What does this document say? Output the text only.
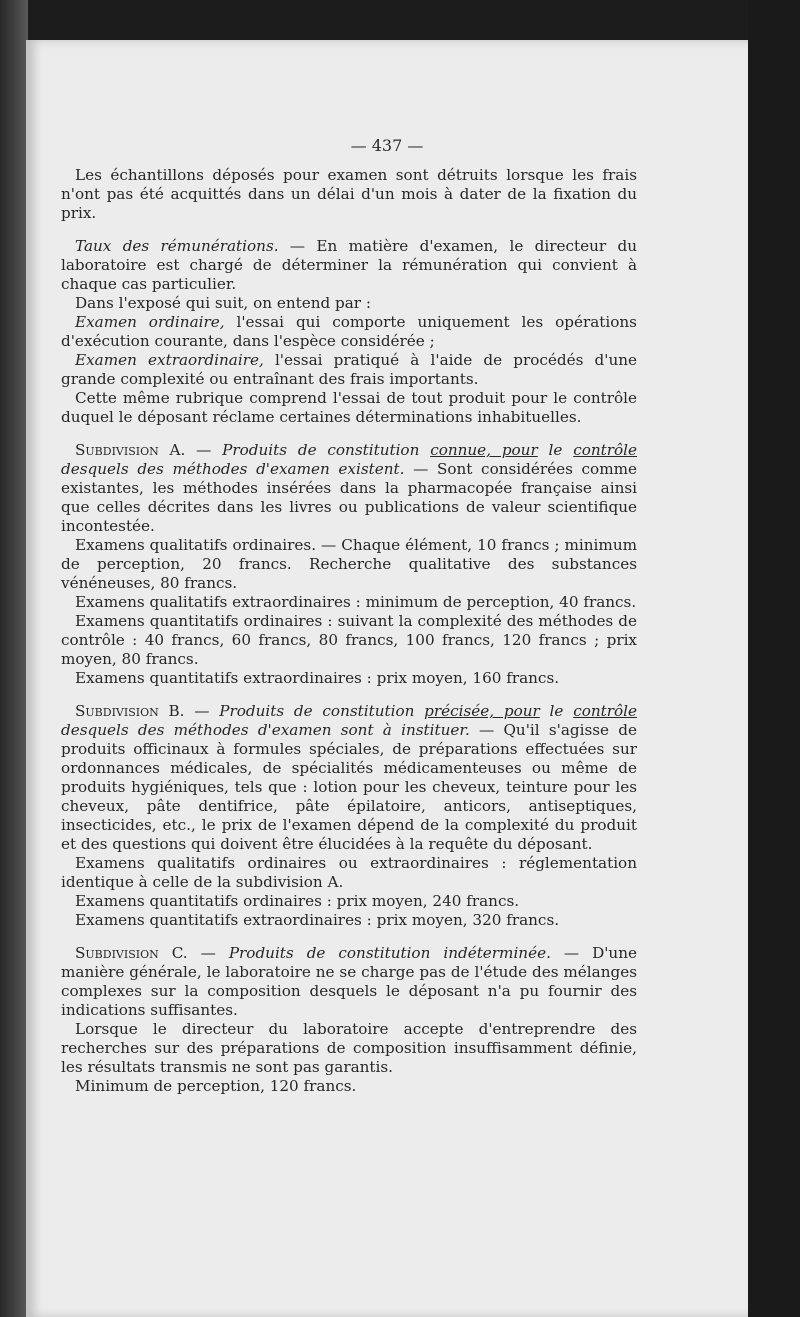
— 437 —

Les échantillons déposés pour examen sont détruits lorsque les frais n'ont pas été acquittés dans un délai d'un mois à dater de la fixation du prix.

Taux des rémunérations. — En matière d'examen, le directeur du laboratoire est chargé de déterminer la rémunération qui convient à chaque cas particulier.

Dans l'exposé qui suit, on entend par :

Examen ordinaire, l'essai qui comporte uniquement les opérations d'exécution courante, dans l'espèce considérée ;

Examen extraordinaire, l'essai pratiqué à l'aide de procédés d'une grande complexité ou entraînant des frais importants.

Cette même rubrique comprend l'essai de tout produit pour le contrôle duquel le déposant réclame certaines déterminations inhabituelles.

Subdivision A. — Produits de constitution connue, pour le contrôle desquels des méthodes d'examen existent. — Sont considérées comme existantes, les méthodes insérées dans la pharmacopée française ainsi que celles décrites dans les livres ou publications de valeur scientifique incontestée.

Examens qualitatifs ordinaires. — Chaque élément, 10 francs ; minimum de perception, 20 francs. Recherche qualitative des substances vénéneuses, 80 francs.

Examens qualitatifs extraordinaires : minimum de perception, 40 francs.

Examens quantitatifs ordinaires : suivant la complexité des méthodes de contrôle : 40 francs, 60 francs, 80 francs, 100 francs, 120 francs ; prix moyen, 80 francs.

Examens quantitatifs extraordinaires : prix moyen, 160 francs.

Subdivision B. — Produits de constitution précisée, pour le contrôle desquels des méthodes d'examen sont à instituer. — Qu'il s'agisse de produits officinaux à formules spéciales, de préparations effectuées sur ordonnances médicales, de spécialités médicamenteuses ou même de produits hygiéniques, tels que : lotion pour les cheveux, teinture pour les cheveux, pâte dentifrice, pâte épilatoire, anticors, antiseptiques, insecticides, etc., le prix de l'examen dépend de la complexité du produit et des questions qui doivent être élucidées à la requête du déposant.

Examens qualitatifs ordinaires ou extraordinaires : réglementation identique à celle de la subdivision A.

Examens quantitatifs ordinaires : prix moyen, 240 francs.

Examens quantitatifs extraordinaires : prix moyen, 320 francs.

Subdivision C. — Produits de constitution indéterminée. — D'une manière générale, le laboratoire ne se charge pas de l'étude des mélanges complexes sur la composition desquels le déposant n'a pu fournir des indications suffisantes.

Lorsque le directeur du laboratoire accepte d'entreprendre des recherches sur des préparations de composition insuffisamment définie, les résultats transmis ne sont pas garantis.

Minimum de perception, 120 francs.
